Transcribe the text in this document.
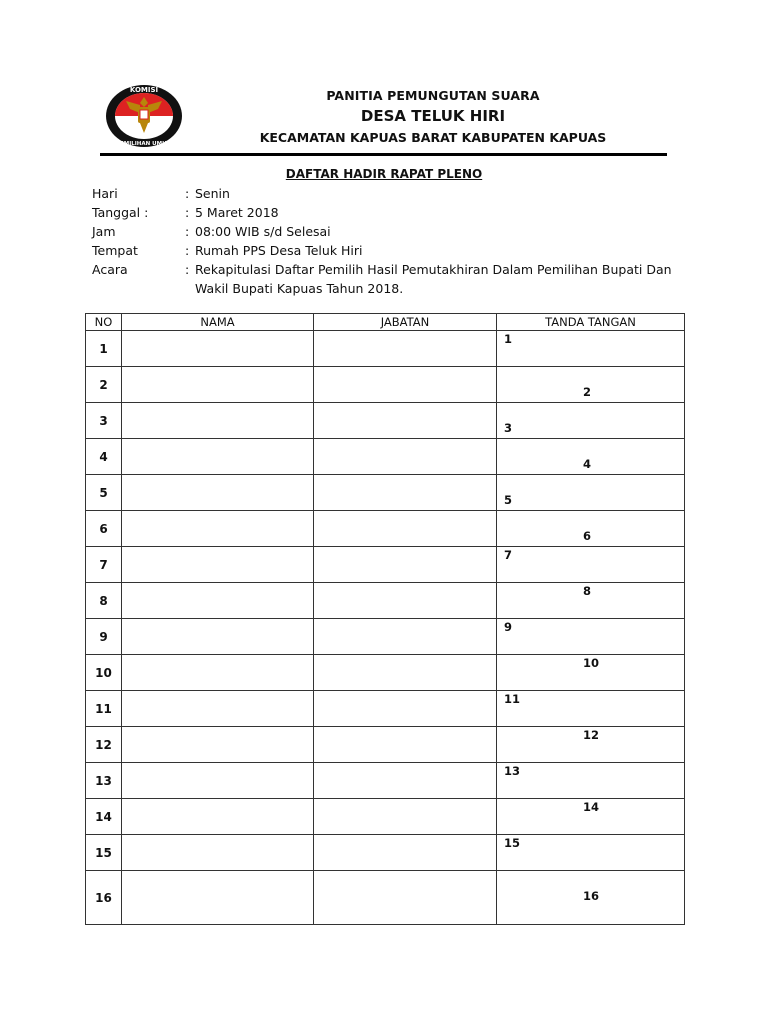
KOMISI
PEMILIHAN UMUM
PANITIA PEMUNGUTAN SUARA
DESA TELUK HIRI
KECAMATAN KAPUAS BARAT KABUPATEN KAPUAS
DAFTAR HADIR RAPAT PLENO
Hari	: Senin
Tanggal :	: 5 Maret 2018
Jam	: 08:00 WIB s/d Selesai
Tempat	: Rumah PPS Desa Teluk Hiri
Acara	: Rekapitulasi Daftar Pemilih Hasil Pemutakhiran Dalam Pemilihan Bupati Dan Wakil Bupati Kapuas Tahun 2018.
NO	NAMA	JABATAN	TANDA TANGAN
1			1

2			2

3			3

4			4

5			5

6			6

7			7

8			8

9			9

10			10

11			11

12			12

13			13

14			14

15			15

16			16
